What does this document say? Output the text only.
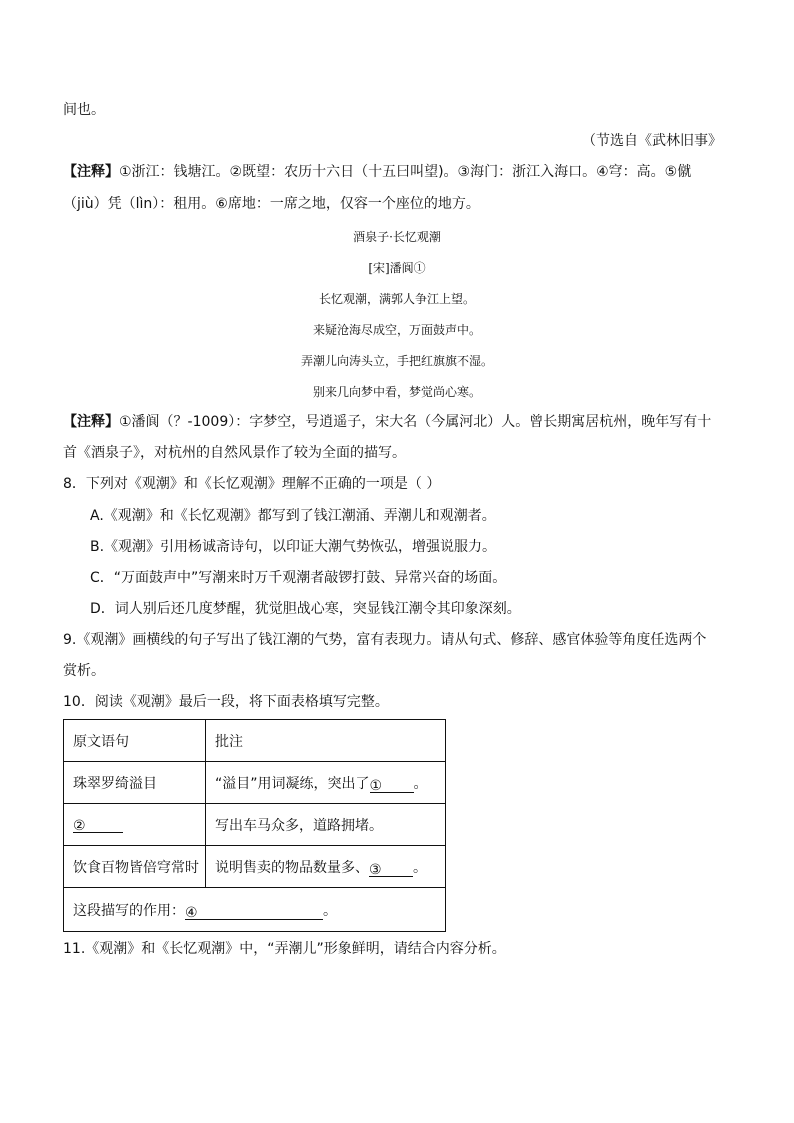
间也。
（节选自《武林旧事》
【注释】①浙江：钱塘江。②既望：农历十六日（十五曰叫望)。③海门：浙江入海口。④穹：高。⑤僦
（jiù）凭（lìn）：租用。⑥席地：一席之地，仅容一个座位的地方。
酒泉子·长忆观潮
[宋]潘阆①
长忆观潮，满郭人争江上望。
来疑沧海尽成空，万面鼓声中。
弄潮儿向涛头立，手把红旗旗不湿。
别来几向梦中看，梦觉尚心寒。
【注释】①潘阆（？-1009）：字梦空，号逍遥子，宋大名（今属河北）人。曾长期寓居杭州，晚年写有十
首《酒泉子》，对杭州的自然风景作了较为全面的描写。
8．下列对《观潮》和《长忆观潮》理解不正确的一项是（ ）
A.《观潮》和《长忆观潮》都写到了钱江潮涌、弄潮儿和观潮者。
B.《观潮》引用杨诚斋诗句，以印证大潮气势恢弘，增强说服力。
C．“万面鼓声中”写潮来时万千观潮者敲锣打鼓、异常兴奋的场面。
D．词人别后还几度梦醒，犹觉胆战心寒，突显钱江潮令其印象深刻。
9.《观潮》画横线的句子写出了钱江潮的气势，富有表现力。请从句式、修辞、感官体验等角度任选两个
赏析。
10．阅读《观潮》最后一段，将下面表格填写完整。
原文语句	批注
珠翠罗绮溢目	“溢目”用词凝练，突出了① 。
②	写出车马众多，道路拥堵。
饮食百物皆倍穹常时	说明售卖的物品数量多、③ 。
这段描写的作用：④ 。	
11.《观潮》和《长忆观潮》中，“弄潮儿”形象鲜明，请结合内容分析。
